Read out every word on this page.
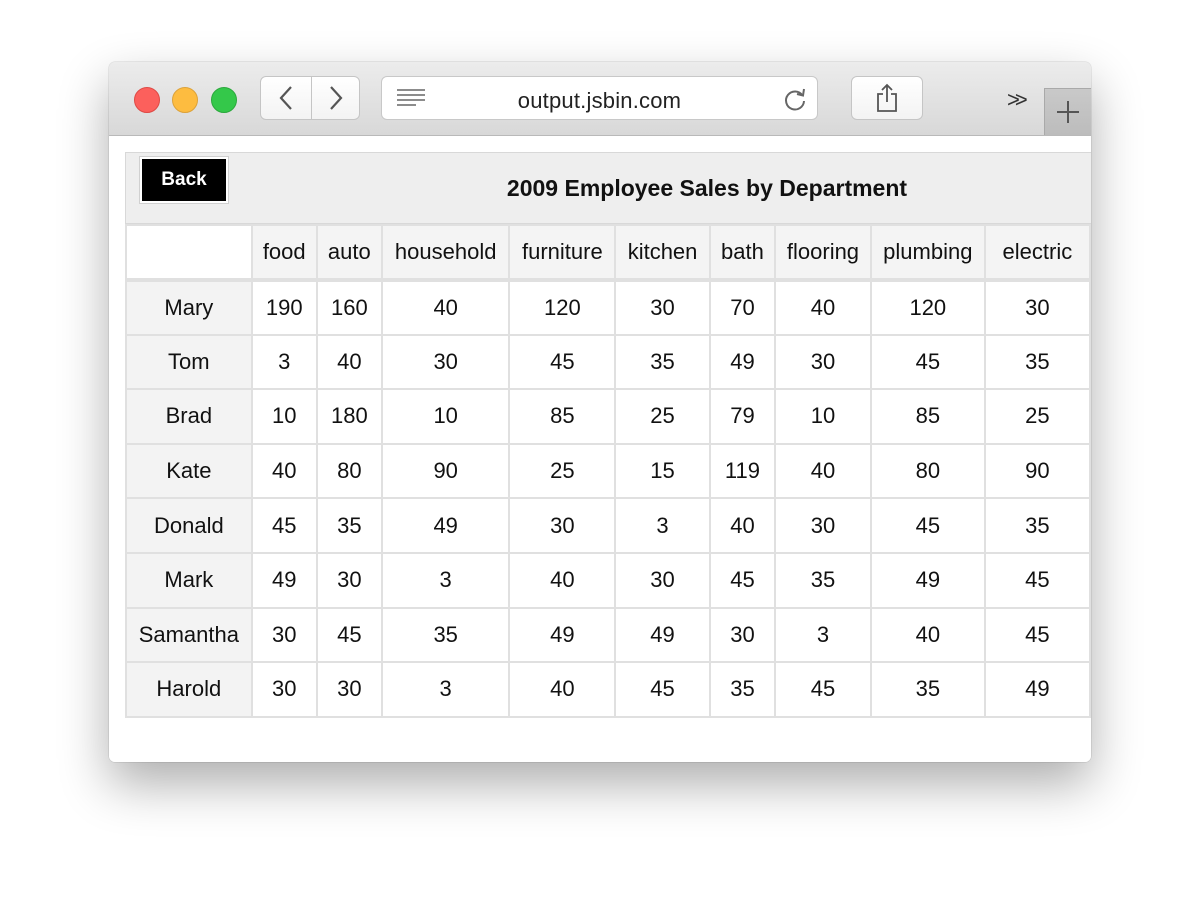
output.jsbin.com	>>
Back	2009 Employee Sales by Department
	food	auto	household	furniture	kitchen	bath	flooring	plumbing	electric
Mary	190	160	40	120	30	70	40	120	30
Tom	3	40	30	45	35	49	30	45	35
Brad	10	180	10	85	25	79	10	85	25
Kate	40	80	90	25	15	119	40	80	90
Donald	45	35	49	30	3	40	30	45	35
Mark	49	30	3	40	30	45	35	49	45
Samantha	30	45	35	49	49	30	3	40	45
Harold	30	30	3	40	45	35	45	35	49
